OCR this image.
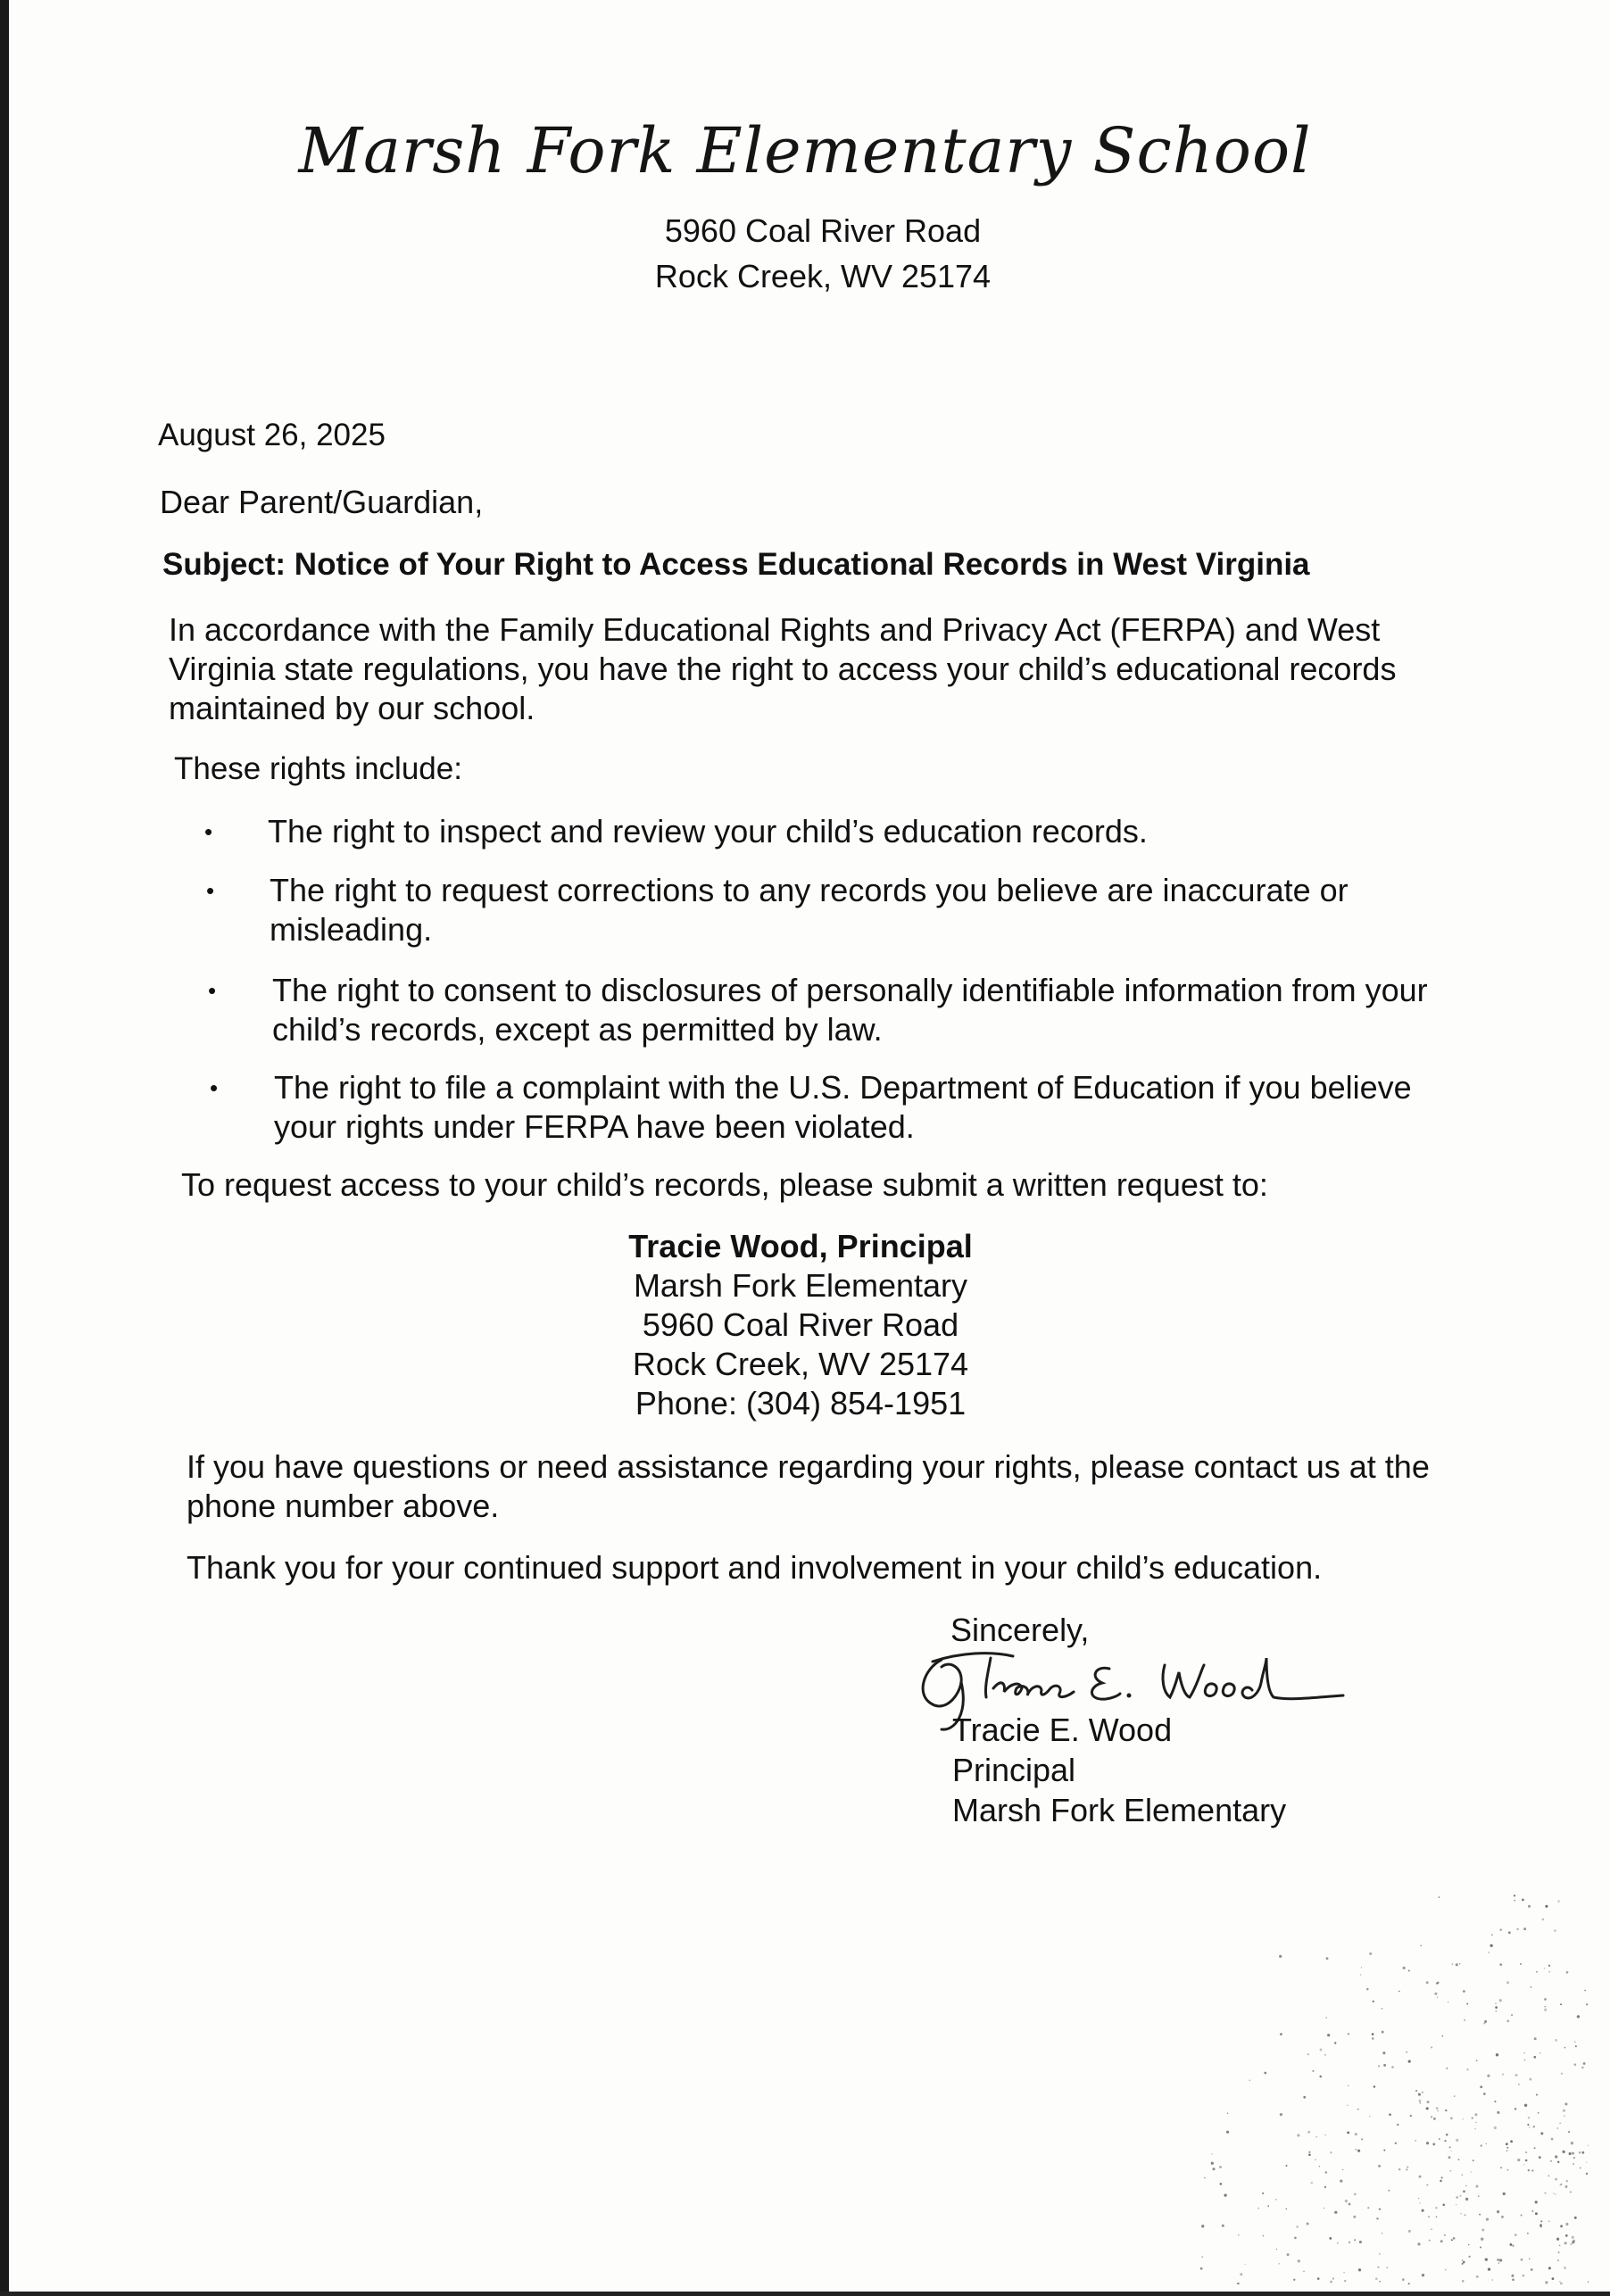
Marsh Fork Elementary School
5960 Coal River Road
Rock Creek, WV 25174
August 26, 2025
Dear Parent/Guardian,
Subject: Notice of Your Right to Access Educational Records in West Virginia
In accordance with the Family Educational Rights and Privacy Act (FERPA) and West Virginia state regulations, you have the right to access your child’s educational records maintained by our school.
These rights include:
• The right to inspect and review your child’s education records.
• The right to request corrections to any records you believe are inaccurate or misleading.
• The right to consent to disclosures of personally identifiable information from your child’s records, except as permitted by law.
• The right to file a complaint with the U.S. Department of Education if you believe your rights under FERPA have been violated.
To request access to your child’s records, please submit a written request to:
Tracie Wood, Principal
Marsh Fork Elementary
5960 Coal River Road
Rock Creek, WV 25174
Phone: (304) 854-1951
If you have questions or need assistance regarding your rights, please contact us at the phone number above.
Thank you for your continued support and involvement in your child’s education.
Sincerely,
Tracie E. Wood
Principal
Marsh Fork Elementary
